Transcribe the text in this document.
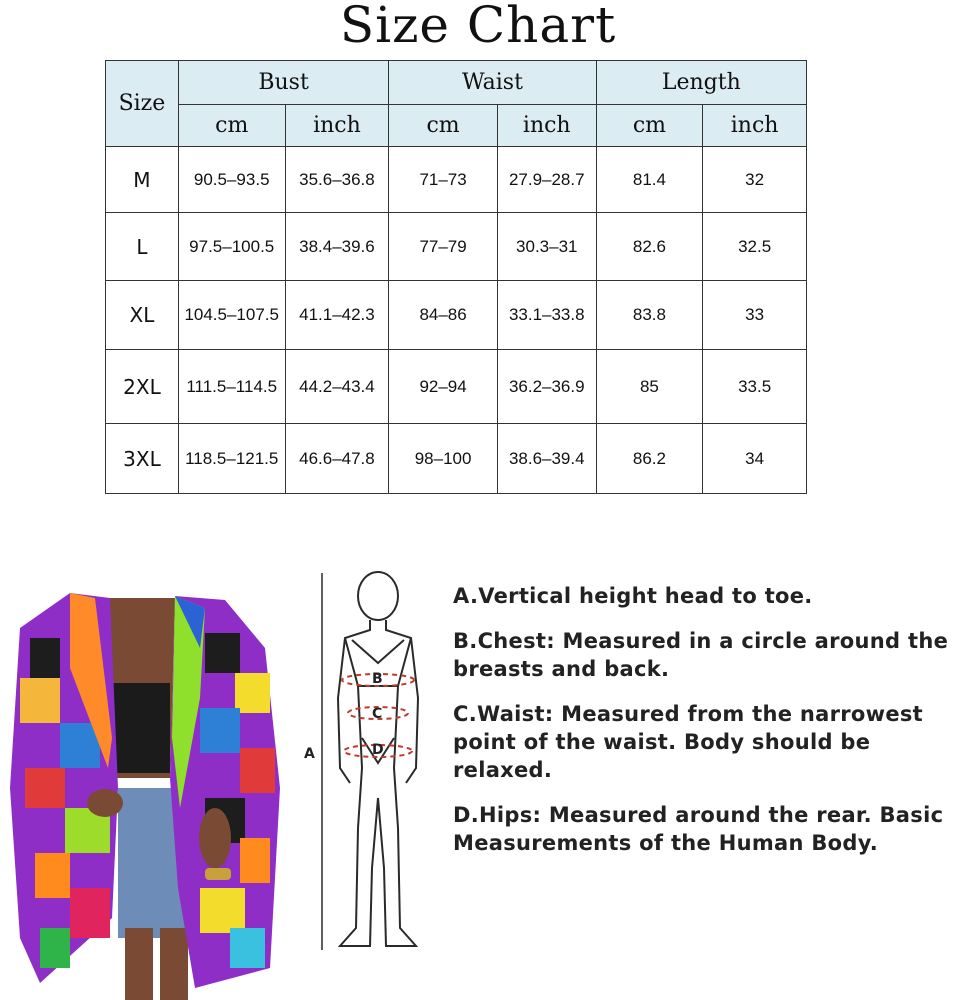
Size Chart
Size	Bust		Waist		Length	
	cm	inch	cm	inch	cm	inch
M	90.5–93.5	35.6–36.8	71–73	27.9–28.7	81.4	32
L	97.5–100.5	38.4–39.6	77–79	30.3–31	82.6	32.5
XL	104.5–107.5	41.1–42.3	84–86	33.1–33.8	83.8	33
2XL	111.5–114.5	44.2–43.4	92–94	36.2–36.9	85	33.5
3XL	118.5–121.5	46.6–47.8	98–100	38.6–39.4	86.2	34
A
B
C
D

A.Vertical height head to toe.

B.Chest: Measured in a circle around the breasts and back.

C.Waist: Measured from the narrowest point of the waist. Body should be relaxed.

D.Hips: Measured around the rear. Basic Measurements of the Human Body.
